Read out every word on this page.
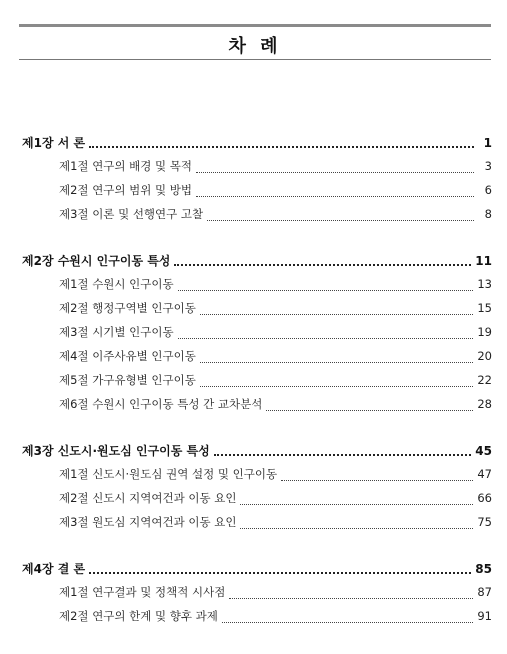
차 례
제1장 서 론	1
제1절 연구의 배경 및 목적	3
제2절 연구의 범위 및 방법	6
제3절 이론 및 선행연구 고찰	8
제2장 수원시 인구이동 특성	11
제1절 수원시 인구이동	13
제2절 행정구역별 인구이동	15
제3절 시기별 인구이동	19
제4절 이주사유별 인구이동	20
제5절 가구유형별 인구이동	22
제6절 수원시 인구이동 특성 간 교차분석	28
제3장 신도시·원도심 인구이동 특성	45
제1절 신도시·원도심 권역 설정 및 인구이동	47
제2절 신도시 지역여건과 이동 요인	66
제3절 원도심 지역여건과 이동 요인	75
제4장 결 론	85
제1절 연구결과 및 정책적 시사점	87
제2절 연구의 한계 및 향후 과제	91
